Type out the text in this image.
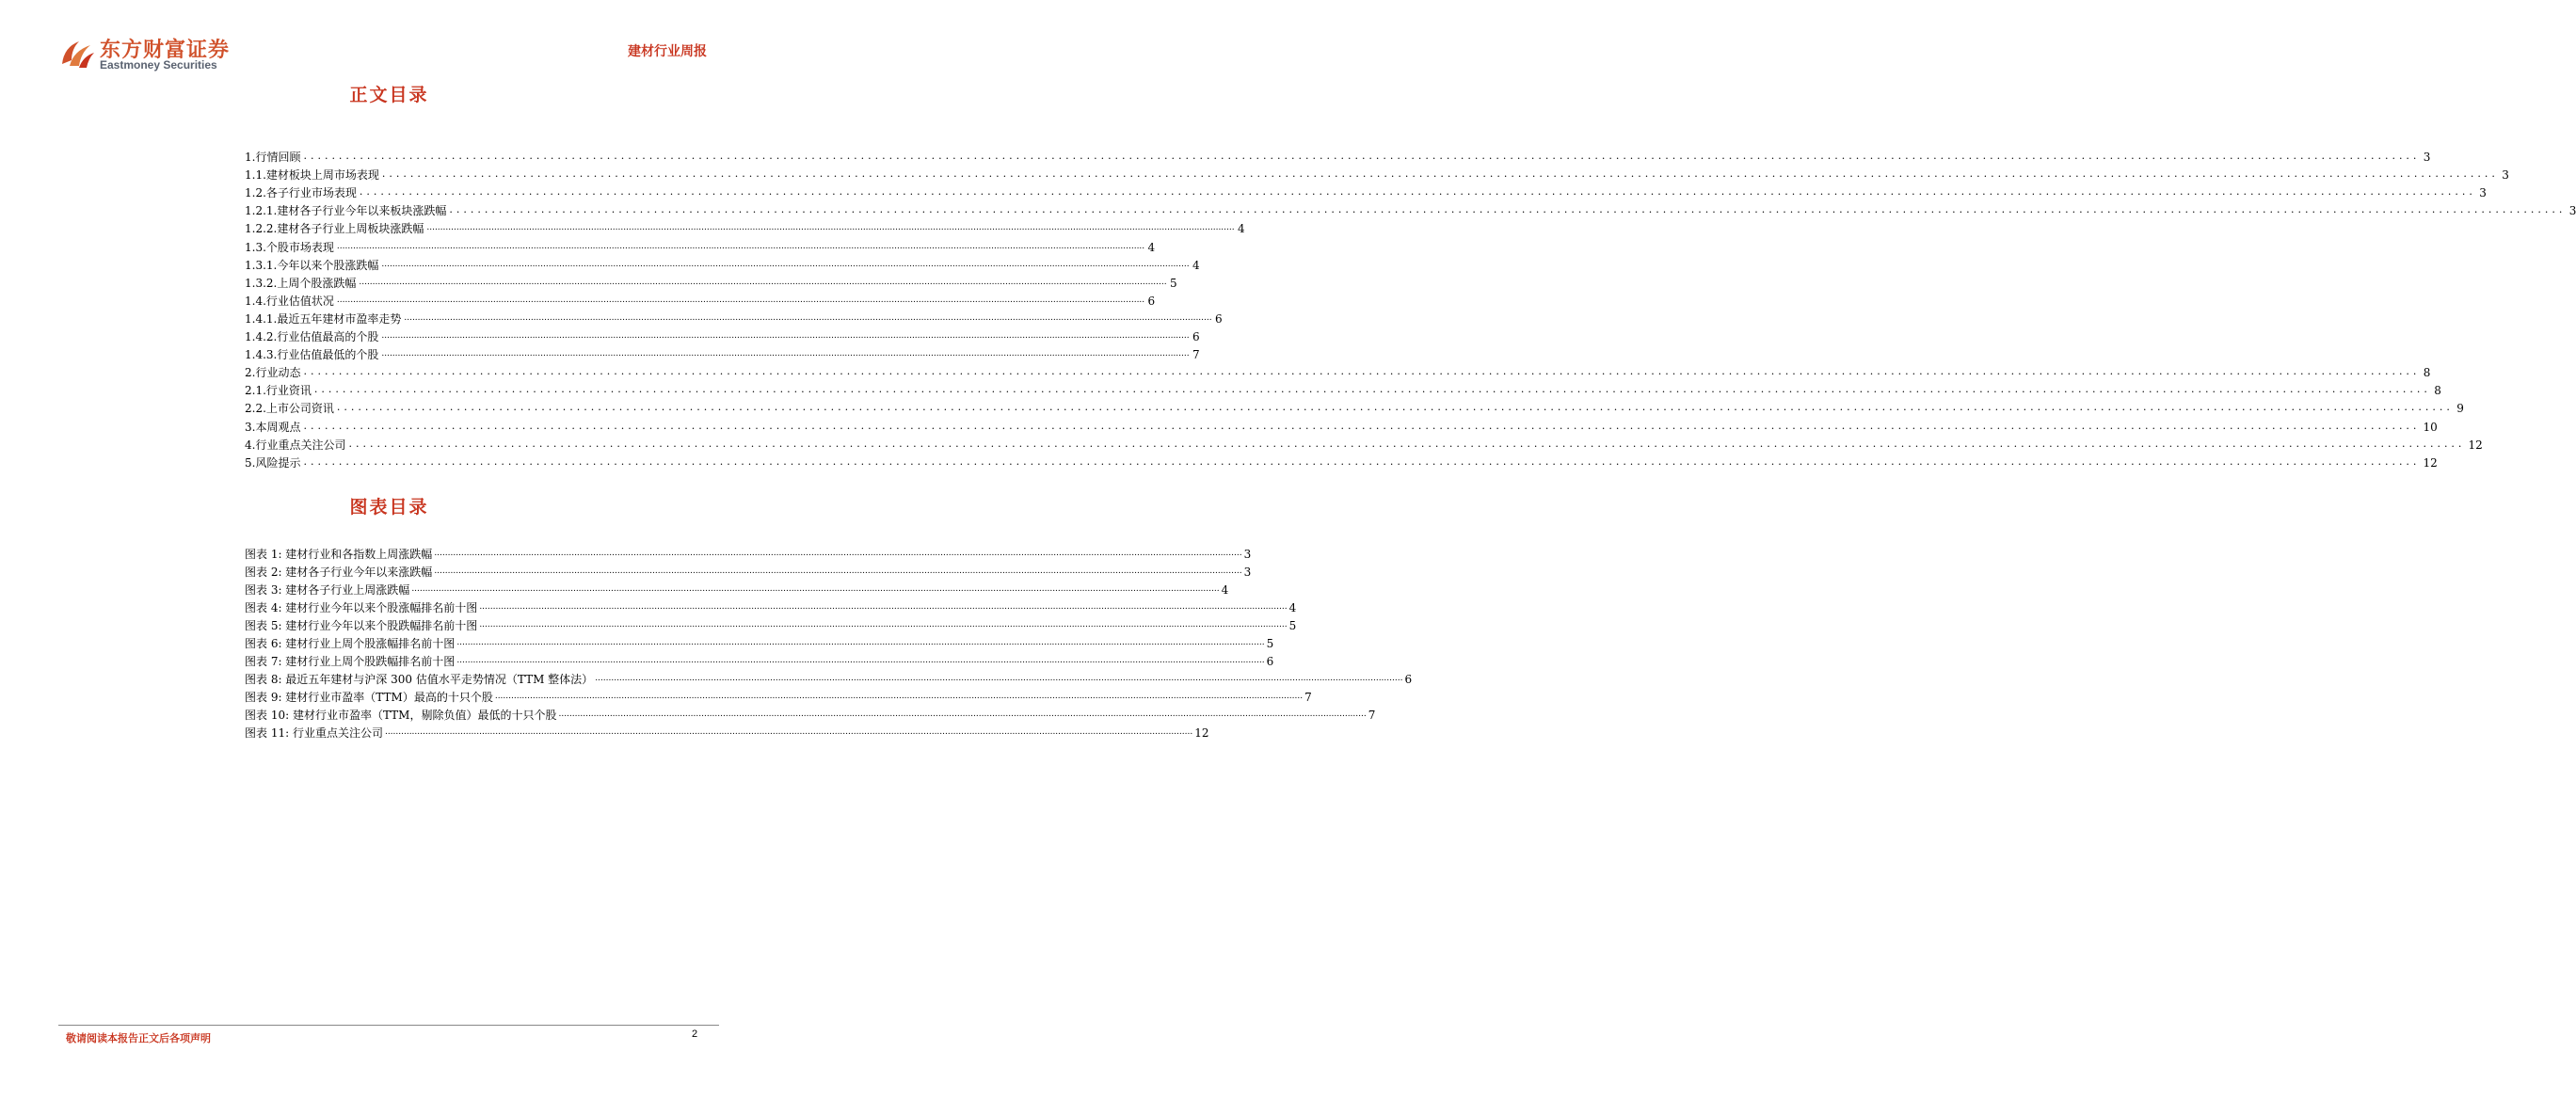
东方财富证券
Eastmoney Securities
建材行业周报
正文目录
1.行情回顾 ............................................................................................................................................................................................................................................................................................................ 3
1.1.建材板块上周市场表现 ............................................................................................................................................................................................................................................................................................................ 3
1.2.各子行业市场表现 ............................................................................................................................................................................................................................................................................................................ 3
1.2.1.建材各子行业今年以来板块涨跌幅 ............................................................................................................................................................................................................................................................................................................ 3
1.2.2.建材各子行业上周板块涨跌幅 ............................................................................................................................................................................................................................................................................................................ 4
1.3.个股市场表现 ............................................................................................................................................................................................................................................................................................................ 4
1.3.1.今年以来个股涨跌幅 ............................................................................................................................................................................................................................................................................................................ 4
1.3.2.上周个股涨跌幅 ............................................................................................................................................................................................................................................................................................................ 5
1.4.行业估值状况 ............................................................................................................................................................................................................................................................................................................ 6
1.4.1.最近五年建材市盈率走势 ............................................................................................................................................................................................................................................................................................................ 6
1.4.2.行业估值最高的个股 ............................................................................................................................................................................................................................................................................................................ 6
1.4.3.行业估值最低的个股 ............................................................................................................................................................................................................................................................................................................ 7
2.行业动态 ............................................................................................................................................................................................................................................................................................................ 8
2.1.行业资讯 ............................................................................................................................................................................................................................................................................................................ 8
2.2.上市公司资讯 ............................................................................................................................................................................................................................................................................................................ 9
3.本周观点 ............................................................................................................................................................................................................................................................................................................ 10
4.行业重点关注公司 ............................................................................................................................................................................................................................................................................................................ 12
5.风险提示 ............................................................................................................................................................................................................................................................................................................ 12
图表目录
图表 1: 建材行业和各指数上周涨跌幅 ............................................................................................................................................................................................................................................................................................................ 3
图表 2: 建材各子行业今年以来涨跌幅 ............................................................................................................................................................................................................................................................................................................ 3
图表 3: 建材各子行业上周涨跌幅 ............................................................................................................................................................................................................................................................................................................ 4
图表 4: 建材行业今年以来个股涨幅排名前十图 ............................................................................................................................................................................................................................................................................................................ 4
图表 5: 建材行业今年以来个股跌幅排名前十图 ............................................................................................................................................................................................................................................................................................................ 5
图表 6: 建材行业上周个股涨幅排名前十图 ............................................................................................................................................................................................................................................................................................................ 5
图表 7: 建材行业上周个股跌幅排名前十图 ............................................................................................................................................................................................................................................................................................................ 6
图表 8: 最近五年建材与沪深 300 估值水平走势情况（TTM 整体法） ............................................................................................................................................................................................................................................................................................................ 6
图表 9: 建材行业市盈率（TTM）最高的十只个股 ............................................................................................................................................................................................................................................................................................................ 7
图表 10: 建材行业市盈率（TTM，剔除负值）最低的十只个股 ............................................................................................................................................................................................................................................................................................................ 7
图表 11: 行业重点关注公司 ............................................................................................................................................................................................................................................................................................................ 12
敬请阅读本报告正文后各项声明	2
